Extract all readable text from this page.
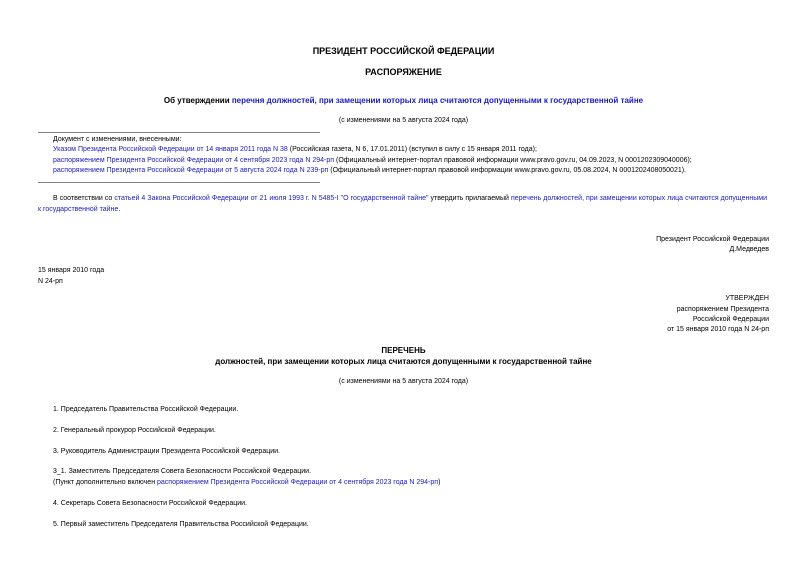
ПРЕЗИДЕНТ РОССИЙСКОЙ ФЕДЕРАЦИИ
РАСПОРЯЖЕНИЕ
Об утверждении перечня должностей, при замещении которых лица считаются допущенными к государственной тайне
(с изменениями на 5 августа 2024 года)
Документ с изменениями, внесенными:
Указом Президента Российской Федерации от 14 января 2011 года N 38 (Российская газета, N 6, 17.01.2011) (вступил в силу с 15 января 2011 года);
распоряжением Президента Российской Федерации от 4 сентября 2023 года N 294-рп (Официальный интернет-портал правовой информации www.pravo.gov.ru, 04.09.2023, N 0001202309040006);
распоряжением Президента Российской Федерации от 5 августа 2024 года N 239-рп (Официальный интернет-портал правовой информации www.pravo.gov.ru, 05.08.2024, N 0001202408050021).
В соответствии со статьей 4 Закона Российской Федерации от 21 июля 1993 г. N 5485-I "О государственной тайне" утвердить прилагаемый перечень должностей, при замещении которых лица считаются допущенными к государственной тайне.
Президент Российской Федерации
Д.Медведев
15 января 2010 года
N 24-рп
УТВЕРЖДЕН
распоряжением Президента
Российской Федерации
от 15 января 2010 года N 24-рп
ПЕРЕЧЕНЬ
должностей, при замещении которых лица считаются допущенными к государственной тайне
(с изменениями на 5 августа 2024 года)
1. Председатель Правительства Российской Федерации.
2. Генеральный прокурор Российской Федерации.
3. Руководитель Администрации Президента Российской Федерации.
3_1. Заместитель Председателя Совета Безопасности Российской Федерации.
(Пункт дополнительно включен распоряжением Президента Российской Федерации от 4 сентября 2023 года N 294-рп)
4. Секретарь Совета Безопасности Российской Федерации.
5. Первый заместитель Председателя Правительства Российской Федерации.
